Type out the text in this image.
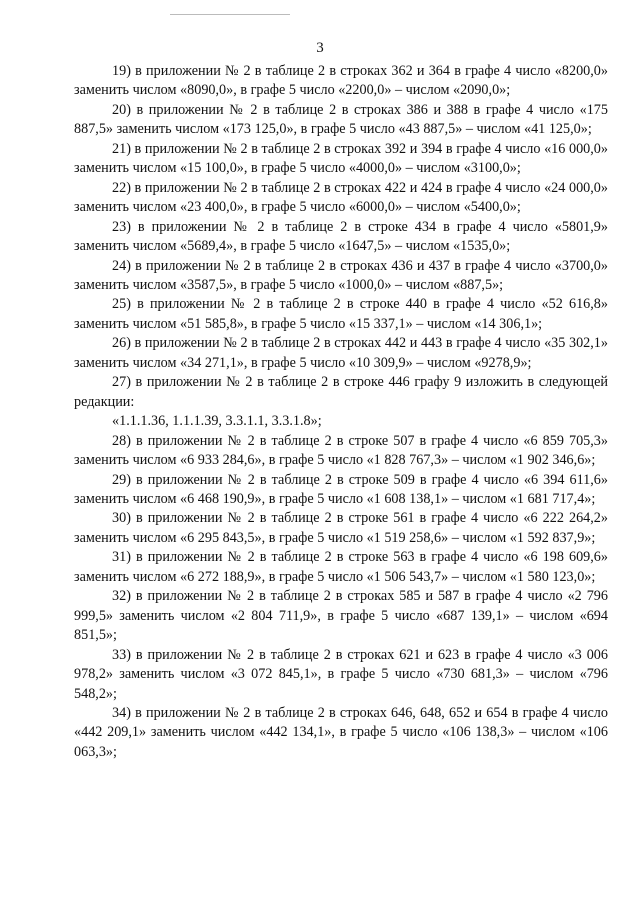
3

19) в приложении № 2 в таблице 2 в строках 362 и 364 в графе 4 число «8200,0» заменить числом «8090,0», в графе 5 число «2200,0» – числом «2090,0»;

20) в приложении № 2 в таблице 2 в строках 386 и 388 в графе 4 число «175 887,5» заменить числом «173 125,0», в графе 5 число «43 887,5» – числом «41 125,0»;

21) в приложении № 2 в таблице 2 в строках 392 и 394 в графе 4 число «16 000,0» заменить числом «15 100,0», в графе 5 число «4000,0» – числом «3100,0»;

22) в приложении № 2 в таблице 2 в строках 422 и 424 в графе 4 число «24 000,0» заменить числом «23 400,0», в графе 5 число «6000,0» – числом «5400,0»;

23) в приложении № 2 в таблице 2 в строке 434 в графе 4 число «5801,9» заменить числом «5689,4», в графе 5 число «1647,5» – числом «1535,0»;

24) в приложении № 2 в таблице 2 в строках 436 и 437 в графе 4 число «3700,0» заменить числом «3587,5», в графе 5 число «1000,0» – числом «887,5»;

25) в приложении № 2 в таблице 2 в строке 440 в графе 4 число «52 616,8» заменить числом «51 585,8», в графе 5 число «15 337,1» – числом «14 306,1»;

26) в приложении № 2 в таблице 2 в строках 442 и 443 в графе 4 число «35 302,1» заменить числом «34 271,1», в графе 5 число «10 309,9» – числом «9278,9»;

27) в приложении № 2 в таблице 2 в строке 446 графу 9 изложить в следующей редакции:

«1.1.1.36, 1.1.1.39, 3.3.1.1, 3.3.1.8»;

28) в приложении № 2 в таблице 2 в строке 507 в графе 4 число «6 859 705,3» заменить числом «6 933 284,6», в графе 5 число «1 828 767,3» – числом «1 902 346,6»;

29) в приложении № 2 в таблице 2 в строке 509 в графе 4 число «6 394 611,6» заменить числом «6 468 190,9», в графе 5 число «1 608 138,1» – числом «1 681 717,4»;

30) в приложении № 2 в таблице 2 в строке 561 в графе 4 число «6 222 264,2» заменить числом «6 295 843,5», в графе 5 число «1 519 258,6» – числом «1 592 837,9»;

31) в приложении № 2 в таблице 2 в строке 563 в графе 4 число «6 198 609,6» заменить числом «6 272 188,9», в графе 5 число «1 506 543,7» – числом «1 580 123,0»;

32) в приложении № 2 в таблице 2 в строках 585 и 587 в графе 4 число «2 796 999,5» заменить числом «2 804 711,9», в графе 5 число «687 139,1» – числом «694 851,5»;

33) в приложении № 2 в таблице 2 в строках 621 и 623 в графе 4 число «3 006 978,2» заменить числом «3 072 845,1», в графе 5 число «730 681,3» – числом «796 548,2»;

34) в приложении № 2 в таблице 2 в строках 646, 648, 652 и 654 в графе 4 число «442 209,1» заменить числом «442 134,1», в графе 5 число «106 138,3» – числом «106 063,3»;
